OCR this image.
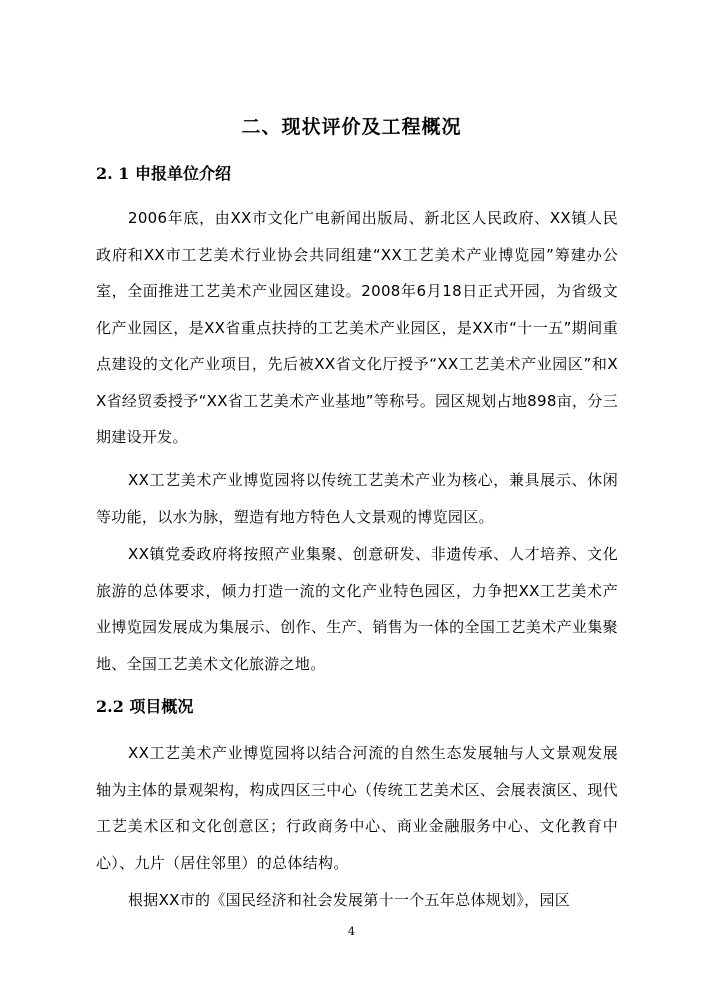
二、现状评价及工程概况
2. 1 申报单位介绍

2006年底，由XX市文化广电新闻出版局、新北区人民政府、XX镇人民政府和XX市工艺美术行业协会共同组建“XX工艺美术产业博览园”筹建办公室，全面推进工艺美术产业园区建设。2008年6月18日正式开园，为省级文化产业园区，是XX省重点扶持的工艺美术产业园区，是XX市“十一五”期间重点建设的文化产业项目，先后被XX省文化厅授予“XX工艺美术产业园区”和XX省经贸委授予“XX省工艺美术产业基地”等称号。园区规划占地898亩，分三期建设开发。

XX工艺美术产业博览园将以传统工艺美术产业为核心，兼具展示、休闲等功能，以水为脉，塑造有地方特色人文景观的博览园区。

XX镇党委政府将按照产业集聚、创意研发、非遗传承、人才培养、文化旅游的总体要求，倾力打造一流的文化产业特色园区，力争把XX工艺美术产业博览园发展成为集展示、创作、生产、销售为一体的全国工艺美术产业集聚地、全国工艺美术文化旅游之地。

2.2 项目概况

XX工艺美术产业博览园将以结合河流的自然生态发展轴与人文景观发展轴为主体的景观架构，构成四区三中心（传统工艺美术区、会展表演区、现代工艺美术区和文化创意区；行政商务中心、商业金融服务中心、文化教育中心）、九片（居住邻里）的总体结构。

根据XX市的《国民经济和社会发展第十一个五年总体规划》，园区

4
